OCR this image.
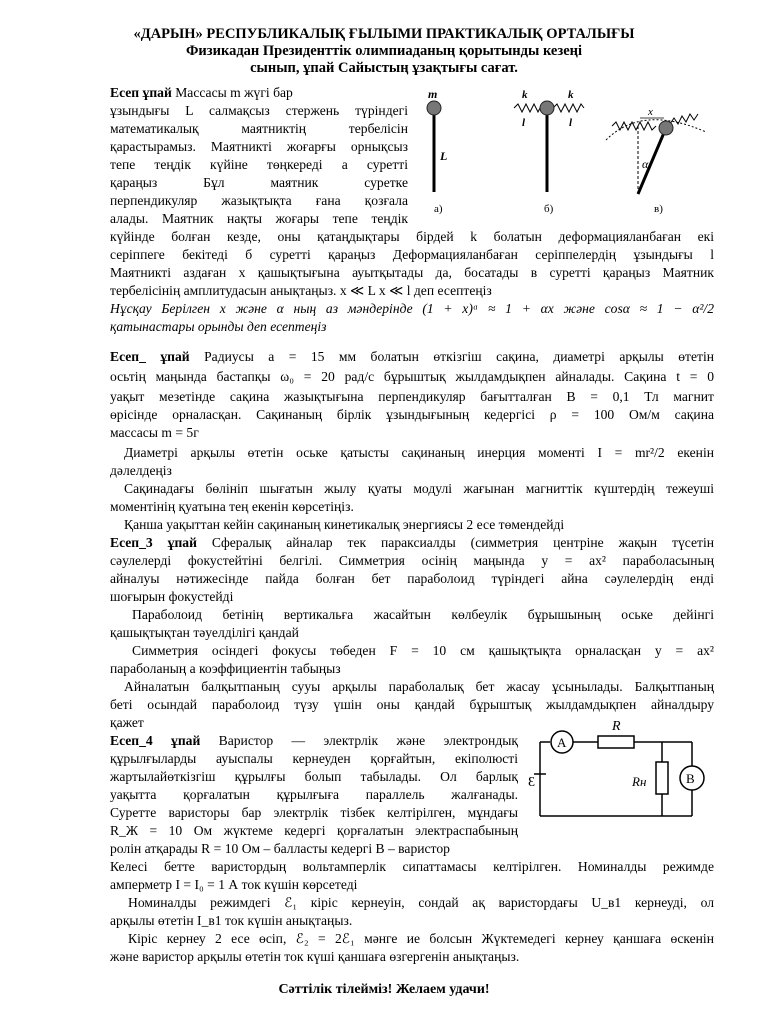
«ДАРЫН» РЕСПУБЛИКАЛЫҚ ҒЫЛЫМИ ПРАКТИКАЛЫҚ ОРТАЛЫҒЫ
Физикадан Президенттік олимпиаданың қорытынды кезеңі
сынып, ұпай Сайыстың ұзақтығы сағат.
Есеп ұпай Массасы m жүгі бар
ұзындығы L салмақсыз стержень түріндегі
математикалық маятниктің тербелісін
қарастырамыз. Маятникті жоғарғы орнықсыз
тепе теңдік күйіне төңкереді а суретті
қараңыз Бұл маятник суретке
перпендикуляр жазықтықта ғана қозғала
алады. Маятник нақты жоғары тепе теңдік
m
L
а)
k	k
l	l
б)
x
α
в)
күйінде болған кезде, оны қатаңдықтары бірдей k болатын деформацияланбаған екі
серіппеге бекітеді б суретті қараңыз Деформацияланбаған серіппелердің ұзындығы l
Маятникті аздаған x қашықтығына ауытқытады да, босатады в суретті қараңыз Маятник
тербелісінің амплитудасын анықтаңыз. x ≪ L x ≪ l деп есептеңіз
Нұсқау Берілген x және α ның аз мәндерінде (1 + x)ᵅ ≈ 1 + αx және cosα ≈ 1 − α²/2
қатынастары орынды деп есептеңіз
Есеп_ ұпай Радиусы a = 15 мм болатын өткізгіш сақина, диаметрі арқылы өтетін
осьтің маңында бастапқы ω₀ = 20 рад/с бұрыштық жылдамдықпен айналады. Сақина t = 0
уақыт мезетінде сақина жазықтығына перпендикуляр бағытталған B = 0,1 Тл магнит
өрісінде орналасқан. Сақинаның бірлік ұзындығының кедергісі ρ = 100 Ом/м сақина
массасы m = 5г
Диаметрі арқылы өтетін оське қатысты сақинаның инерция моменті I = mr²/2 екенін
дәлелдеңіз
Сақинадағы бөлініп шығатын жылу қуаты модулі жағынан магниттік күштердің тежеуші
моментінің қуатына тең екенін көрсетіңіз.
Қанша уақыттан кейін сақинаның кинетикалық энергиясы 2 есе төмендейді
Есеп_3 ұпай Сфералық айналар тек параксиалды (симметрия центріне жақын түсетін
сәулелерді фокустейтіні белгілі. Симметрия осінің маңында y = ax² параболасының
айналуы нәтижесінде пайда болған бет параболоид түріндегі айна сәулелердің енді
шоғырын фокустейді
Параболоид бетінің вертикальға жасайтын көлбеулік бұрышының оське дейінгі
қашықтықтан тәуелділігі қандай
Симметрия осіндегі фокусы төбеден F = 10 см қашықтықта орналасқан y = ax²
параболаның a коэффициентін табыңыз
Айналатын балқытпаның сууы арқылы параболалық бет жасау ұсынылады. Балқытпаның
беті осындай параболоид түзу үшін оны қандай бұрыштық жылдамдықпен айналдыру
қажет
Есеп_4 ұпай Варистор — электрлік және электрондық
құрылғыларды ауыспалы кернеуден қорғайтын, екіполюсті
жартылайөткізгіш құрылғы болып табылады. Ол барлық
уақытта қорғалатын құрылғыға параллель жалғанады.
Суретте варисторы бар электрлік тізбек келтірілген, мұндағы
R_Ж = 10 Ом жүктеме кедергі қорғалатын электраспабының
ролін атқарады R = 10 Ом – балласты кедергі В – варистор
A
R
Ɛ	Rн	B
Келесі бетте варистордың вольтамперлік сипаттамасы келтірілген. Номиналды режимде
амперметр I = I₀ = 1 А ток күшін көрсетеді
Номиналды режимдегі ℰ₁ кіріс кернеуін, сондай ақ варистордағы U_в1 кернеуді, ол
арқылы өтетін I_в1 ток күшін анықтаңыз.
Кіріс кернеу 2 есе өсіп, ℰ₂ = 2ℰ₁ мәнге ие болсын Жүктемедегі кернеу қаншаға өскенін
және варистор арқылы өтетін ток күші қаншаға өзгергенін анықтаңыз.
Сәттілік тілейміз! Желаем удачи!
